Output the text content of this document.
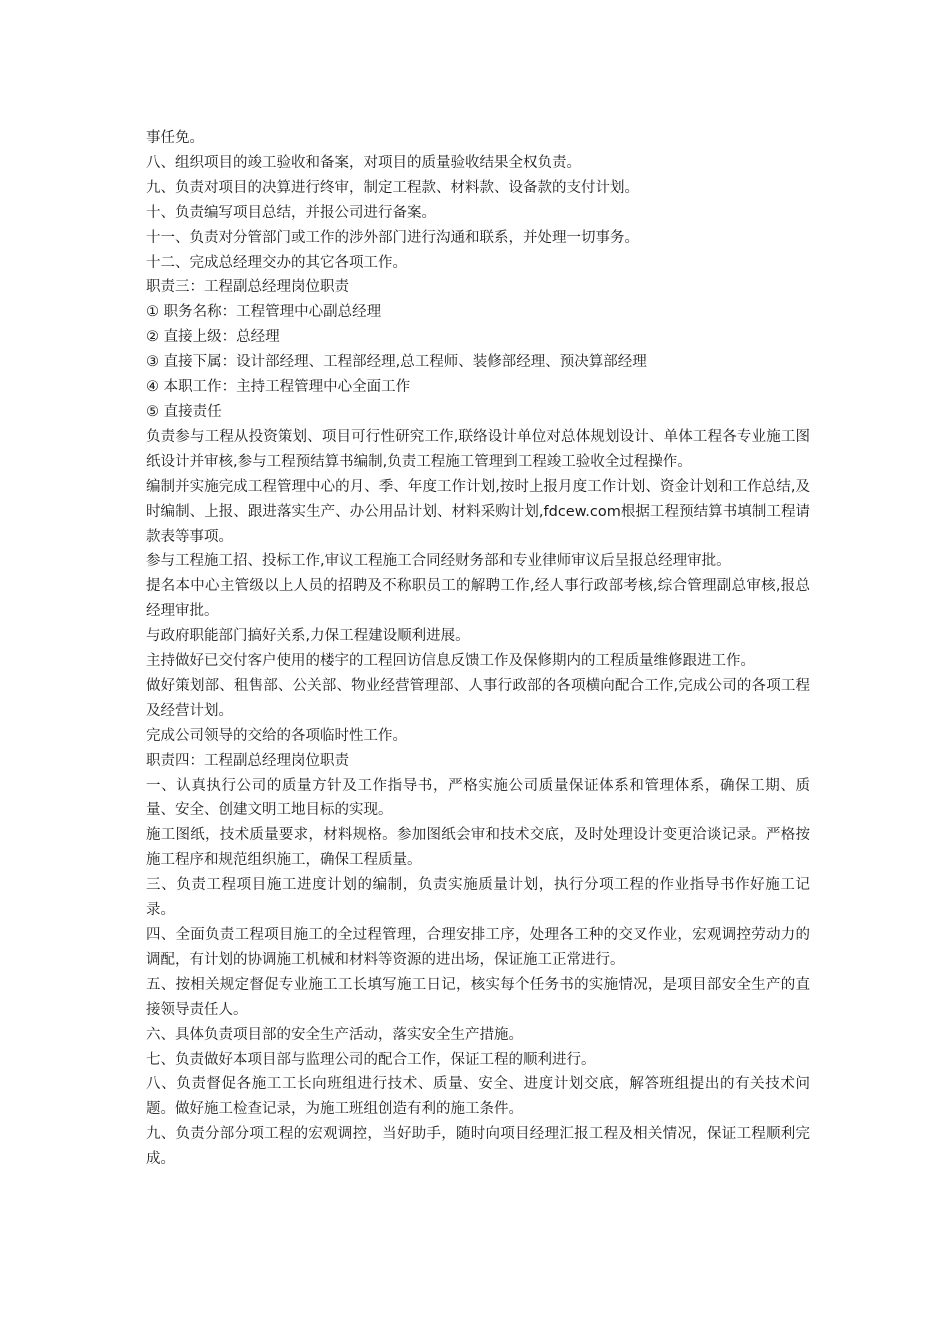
事任免。

八、组织项目的竣工验收和备案，对项目的质量验收结果全权负责。

九、负责对项目的决算进行终审，制定工程款、材料款、设备款的支付计划。

十、负责编写项目总结，并报公司进行备案。

十一、负责对分管部门或工作的涉外部门进行沟通和联系，并处理一切事务。

十二、完成总经理交办的其它各项工作。

职责三：工程副总经理岗位职责

① 职务名称：工程管理中心副总经理

② 直接上级：总经理

③ 直接下属：设计部经理、工程部经理,总工程师、装修部经理、预决算部经理

④ 本职工作：主持工程管理中心全面工作

⑤ 直接责任

负责参与工程从投资策划、项目可行性研究工作,联络设计单位对总体规划设计、单体工程各专业施工图纸设计并审核,参与工程预结算书编制,负责工程施工管理到工程竣工验收全过程操作。

编制并实施完成工程管理中心的月、季、年度工作计划,按时上报月度工作计划、资金计划和工作总结,及时编制、上报、跟进落实生产、办公用品计划、材料采购计划,fdcew.com根据工程预结算书填制工程请款表等事项。

参与工程施工招、投标工作,审议工程施工合同经财务部和专业律师审议后呈报总经理审批。

提名本中心主管级以上人员的招聘及不称职员工的解聘工作,经人事行政部考核,综合管理副总审核,报总经理审批。

与政府职能部门搞好关系,力保工程建设顺利进展。

主持做好已交付客户使用的楼宇的工程回访信息反馈工作及保修期内的工程质量维修跟进工作。

做好策划部、租售部、公关部、物业经营管理部、人事行政部的各项横向配合工作,完成公司的各项工程及经营计划。

完成公司领导的交给的各项临时性工作。

职责四：工程副总经理岗位职责

一、认真执行公司的质量方针及工作指导书，严格实施公司质量保证体系和管理体系，确保工期、质量、安全、创建文明工地目标的实现。

施工图纸，技术质量要求，材料规格。参加图纸会审和技术交底，及时处理设计变更洽谈记录。严格按施工程序和规范组织施工，确保工程质量。

三、负责工程项目施工进度计划的编制，负责实施质量计划，执行分项工程的作业指导书作好施工记录。

四、全面负责工程项目施工的全过程管理，合理安排工序，处理各工种的交叉作业，宏观调控劳动力的调配，有计划的协调施工机械和材料等资源的进出场，保证施工正常进行。

五、按相关规定督促专业施工工长填写施工日记，核实每个任务书的实施情况，是项目部安全生产的直接领导责任人。

六、具体负责项目部的安全生产活动，落实安全生产措施。

七、负责做好本项目部与监理公司的配合工作，保证工程的顺利进行。

八、负责督促各施工工长向班组进行技术、质量、安全、进度计划交底，解答班组提出的有关技术问题。做好施工检查记录，为施工班组创造有利的施工条件。

九、负责分部分项工程的宏观调控，当好助手，随时向项目经理汇报工程及相关情况，保证工程顺利完成。
